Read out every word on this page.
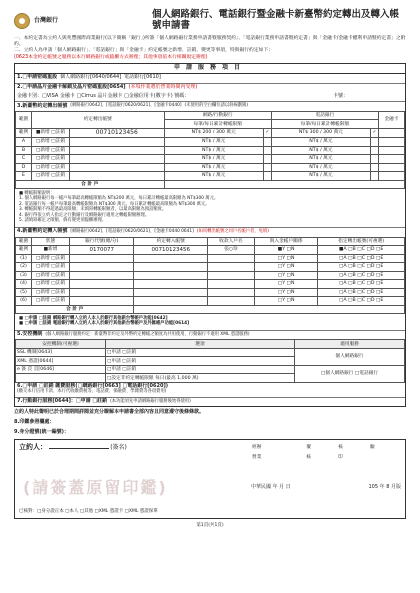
台灣銀行	個人網路銀行、電話銀行暨金融卡新臺幣約定轉出及轉入帳號申請書
一、本約定書為立約人與兆豐國際商業銀行(以下簡稱「銀行」)所簽「個人網路銀行業務申請書暨服務契約」、「電話銀行業務申請書暨約定書」與「金融卡/金融卡權利申請暨約定書」之附約。
二、立約人為申請「個人網路銀行」、「電話銀行」與「金融卡」約定帳號之新增、註銷、變更等事項，特與銀行約定如下：
(0623本金約定帳號之服務以本行網路銀行或臨櫃方式辦理；其他事項依本行相關規定辦理)
申請服務項目
1.□申請密碼重設 個人網路銀行[0640/0644] 電話銀行[0610]
2.□申請晶片金融卡解鎖及晶片密碼重設[0654] (本項作業將於營業時間內受理)
金融卡別：□VISA 金融卡 □Cirrus 晶片金融卡 □金融信用卡(數字卡) 號碼：	卡號：
3.新臺幣約定轉出帳號 [網路銀行0642]、[電話銀行0620/0621]、[金融卡0440] (未使用的空白欄位請以斜線劃銷)
範圍	約定轉出帳號		網路/行動銀行		電話銀行		金融卡
			每筆/每日累計轉帳限額		每筆/每日累計轉帳限額		
範例	■新增 □註銷	00710123456	NT$ 200 / 300 萬元	✓	NT$ 300 / 300 萬元	✓	
A	□新增 □註銷		NT$ / 萬元		NT$ / 萬元		
B	□新增 □註銷		NT$ / 萬元		NT$ / 萬元		
C	□新增 □註銷		NT$ / 萬元		NT$ / 萬元		
D	□新增 □註銷		NT$ / 萬元		NT$ / 萬元		
E	□新增 □註銷		NT$ / 萬元		NT$ / 萬元		
合 計 戶							
■ 轉帳限額說明：
1. 個人網路銀行每一帳戶每筆最高轉帳限額為 NT$200 萬元，每日累計轉帳最高限額為 NT$300 萬元。
2. 電話銀行每一帳戶每筆最高轉帳限額為 NT$300 萬元，每日累計轉帳最高限額為 NT$300 萬元。
3. 轉帳限額不得超過最高限額；未填寫轉帳限額者，以最高限額為預設額度。
4. 銀行得依立約人指定之行動銀行及網路銀行適用之轉帳限額辦理。
5. 請填寫確定之限額，倘有變更須臨櫃辦理。
4.新臺幣約定轉入帳號 [網路銀行0642]、[電話銀行0620/0621]、[金融卡0440 0641] (如同轉出帳號之同戶名帳戶者，免填)
範圍	狀態	銀行代號(總/分)	約定轉入帳號	收款人戶名	與入金帳戶關係	指定轉出帳號(可複選)
範例	■新增	0170077	00710123456	張○珍	■Y □N	■A □B □C □D □E
(1)	□新增 □註銷				□Y □N	□A □B □C □D □E
(2)	□新增 □註銷				□Y □N	□A □B □C □D □E
(3)	□新增 □註銷				□Y □N	□A □B □C □D □E
(4)	□新增 □註銷				□Y □N	□A □B □C □D □E
(5)	□新增 □註銷				□Y □N	□A □B □C □D □E
(6)	□新增 □註銷				□Y □N	□A □B □C □D □E
合 計 戶						
■ □申請 □註銷 網路銀行轉入立約人本人於銀行其他新台幣帳戶功能[0642]
■ □申請 □註銷 電話銀行轉入立約人本人於銀行其他新台幣帳戶及外匯帳戶功能[0614]
5.安控機制 (個人網路銀行服務約定：新臺幣非約定及外幣約定轉帳之額度為共用使用，行動銀行不適用 XML 憑證服務)
安控機制(可複選)	選項	適用服務
SSL 機制[0643]	□申請 □註銷	個人網路銀行
XML 憑證[0644]	□申請 □註銷	
e 簽 頁 頁[0646]	□申請 □註銷	□個人網路銀行 □電話銀行
	□設定非約定轉帳限額 每日(最高 1,000 萬)	
6.□申請 □註銷 繳費服務(□網路銀行[0663] □電話銀行[0620])
(繳交本行信用卡款、本行代收繳費稅等、電話費、保險費、學雜費等各項費用)
7.行動銀行服務[0644]：□申請 □註銷 (本功能須先申請網路銀行服務後始得使用)
立約人特此聲明已於合理期間詳閱並充分瞭解本申請書全部內容且同意遵守後條條款。
8.印鑑參照欄處：
9.身分證號(統一編號)：
立約人：	(簽名)
(請簽蓋原留印鑑)
已核對：□身分證正本 □本人 □其他 □XML 憑證卡 □XML 憑證保單
經辦	覆	核	驗
營業	核	印	
中華民國 年 月 日	105 年 8 月版
第1頁(共1頁)
